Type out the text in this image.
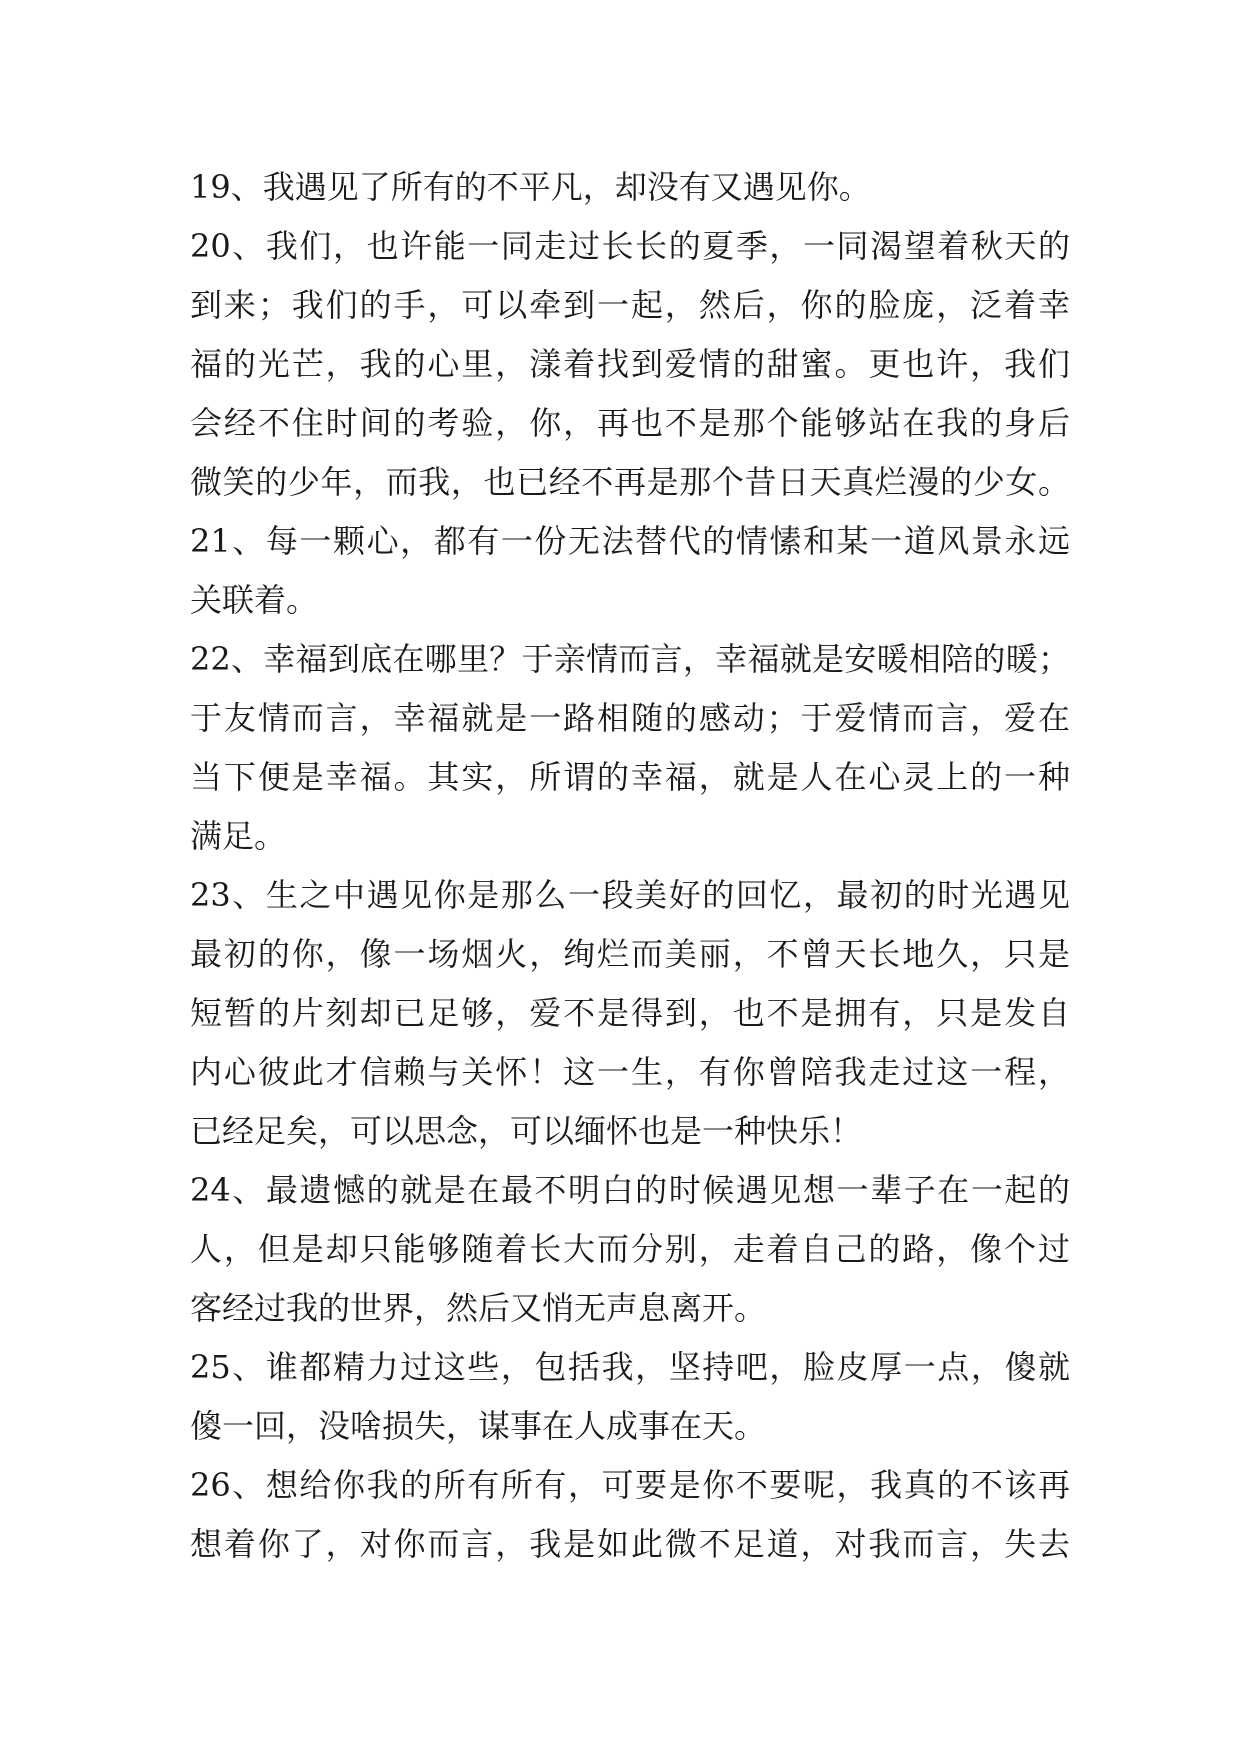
19、我遇见了所有的不平凡，却没有又遇见你。
20、我们，也许能一同走过长长的夏季，一同渴望着秋天的
到来；我们的手，可以牵到一起，然后，你的脸庞，泛着幸
福的光芒，我的心里，漾着找到爱情的甜蜜。更也许，我们
会经不住时间的考验，你，再也不是那个能够站在我的身后
微笑的少年，而我，也已经不再是那个昔日天真烂漫的少女。
21、每一颗心，都有一份无法替代的情愫和某一道风景永远
关联着。
22、幸福到底在哪里？于亲情而言，幸福就是安暖相陪的暖；
于友情而言，幸福就是一路相随的感动；于爱情而言，爱在
当下便是幸福。其实，所谓的幸福，就是人在心灵上的一种
满足。
23、生之中遇见你是那么一段美好的回忆，最初的时光遇见
最初的你，像一场烟火，绚烂而美丽，不曾天长地久，只是
短暂的片刻却已足够，爱不是得到，也不是拥有，只是发自
内心彼此才信赖与关怀！这一生，有你曾陪我走过这一程，
已经足矣，可以思念，可以缅怀也是一种快乐！
24、最遗憾的就是在最不明白的时候遇见想一辈子在一起的
人，但是却只能够随着长大而分别，走着自己的路，像个过
客经过我的世界，然后又悄无声息离开。
25、谁都精力过这些，包括我，坚持吧，脸皮厚一点，傻就
傻一回，没啥损失，谋事在人成事在天。
26、想给你我的所有所有，可要是你不要呢，我真的不该再
想着你了，对你而言，我是如此微不足道，对我而言，失去
